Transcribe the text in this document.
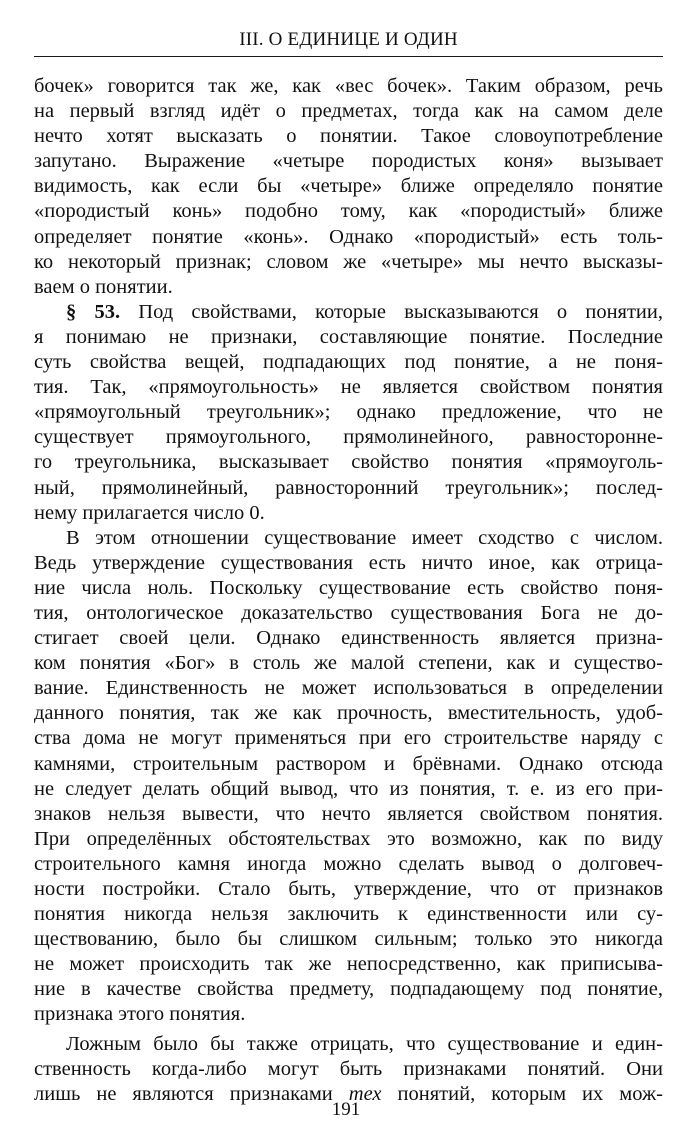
III. О ЕДИНИЦЕ И ОДИН
бочек» говорится так же, как «вес бочек». Таким образом, речь
на первый взгляд идёт о предметах, тогда как на самом деле
нечто хотят высказать о понятии. Такое словоупотребление
запутано. Выражение «четыре породистых коня» вызывает
видимость, как если бы «четыре» ближе определяло понятие
«породистый конь» подобно тому, как «породистый» ближе
определяет понятие «конь». Однако «породистый» есть толь-
ко некоторый признак; словом же «четыре» мы нечто высказы-
ваем о понятии.
§ 53. Под свойствами, которые высказываются о понятии,
я понимаю не признаки, составляющие понятие. Последние
суть свойства вещей, подпадающих под понятие, а не поня-
тия. Так, «прямоугольность» не является свойством понятия
«прямоугольный треугольник»; однако предложение, что не
существует прямоугольного, прямолинейного, равносторонне-
го треугольника, высказывает свойство понятия «прямоуголь-
ный, прямолинейный, равносторонний треугольник»; послед-
нему прилагается число 0.
В этом отношении существование имеет сходство с числом.
Ведь утверждение существования есть ничто иное, как отрица-
ние числа ноль. Поскольку существование есть свойство поня-
тия, онтологическое доказательство существования Бога не до-
стигает своей цели. Однако единственность является призна-
ком понятия «Бог» в столь же малой степени, как и существо-
вание. Единственность не может использоваться в определении
данного понятия, так же как прочность, вместительность, удоб-
ства дома не могут применяться при его строительстве наряду с
камнями, строительным раствором и брёвнами. Однако отсюда
не следует делать общий вывод, что из понятия, т. е. из его при-
знаков нельзя вывести, что нечто является свойством понятия.
При определённых обстоятельствах это возможно, как по виду
строительного камня иногда можно сделать вывод о долговеч-
ности постройки. Стало быть, утверждение, что от признаков
понятия никогда нельзя заключить к единственности или су-
ществованию, было бы слишком сильным; только это никогда
не может происходить так же непосредственно, как приписыва-
ние в качестве свойства предмету, подпадающему под понятие,
признака этого понятия.
Ложным было бы также отрицать, что существование и един-
ственность когда-либо могут быть признаками понятий. Они
лишь не являются признаками тех понятий, которым их мож-
191
